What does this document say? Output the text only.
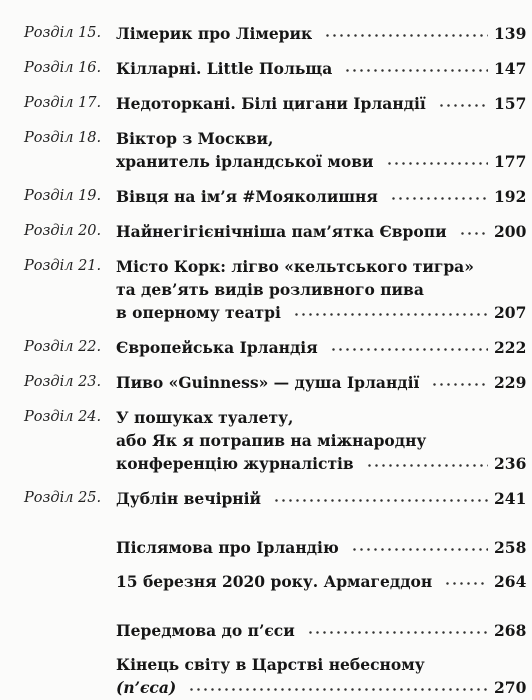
Розділ 15. Лімерик про Лімерик	139
Розділ 16. Кілларні. Little Польща	147
Розділ 17. Недоторкані. Білі цигани Ірландії	157
Розділ 18. Віктор з Москви,
хранитель ірландської мови	177
Розділ 19. Вівця на ім’я #Мояколишня	192
Розділ 20. Найнегігієнічніша пам’ятка Європи	200
Розділ 21. Місто Корк: лігво «кельтського тигра»
та дев’ять видів розливного пива
в оперному театрі	207
Розділ 22. Європейська Ірландія	222
Розділ 23. Пиво «Guinness» — душа Ірландії	229
Розділ 24. У пошуках туалету,
або Як я потрапив на міжнародну
конференцію журналістів	236
Розділ 25. Дублін вечірній	241
Післямова про Ірландію	258
15 березня 2020 року. Армагеддон	264
Передмова до п’єси	268
Кінець світу в Царстві небесному
(п’єса)	270
